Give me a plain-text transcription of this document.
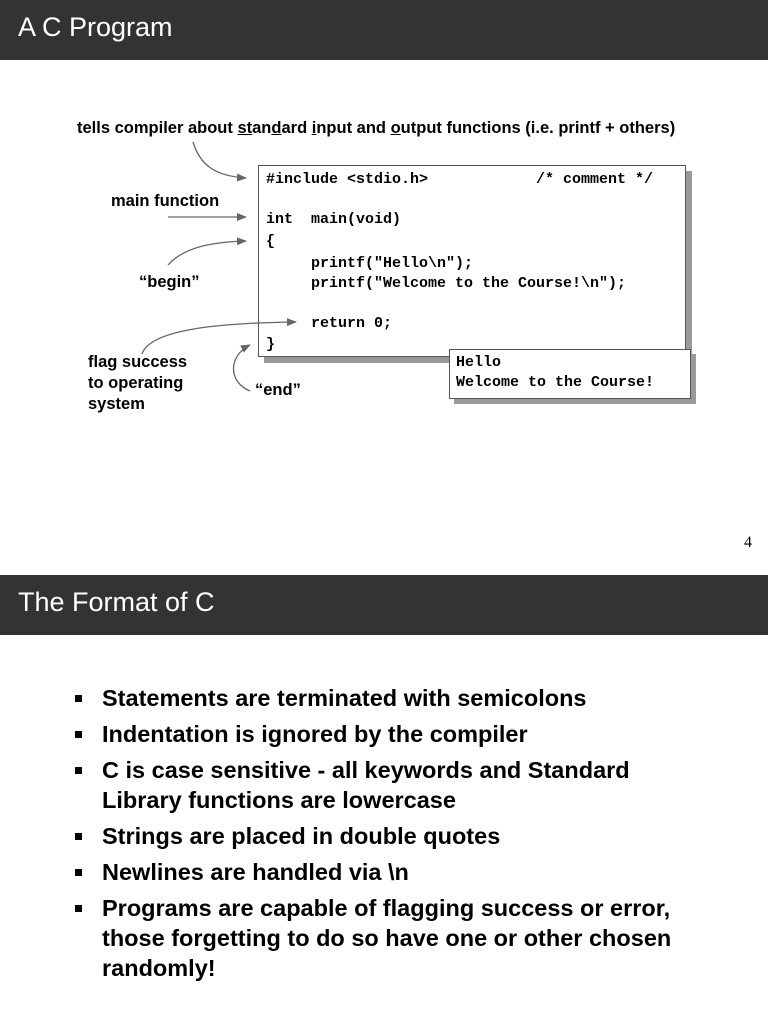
A C Program
tells compiler about standard input and output functions (i.e. printf + others)
main function
“begin”
flag success
to operating
system
“end”
#include <stdio.h>	/* comment */
int  main(void)
{
printf("Hello\n");
printf("Welcome to the Course!\n");
return 0;
}
Hello
Welcome to the Course!
4
The Format of C
Statements are terminated with semicolons
Indentation is ignored by the compiler
C is case sensitive - all keywords and Standard Library functions are lowercase
Strings are placed in double quotes
Newlines are handled via \n
Programs are capable of flagging success or error, those forgetting to do so have one or other chosen randomly!
